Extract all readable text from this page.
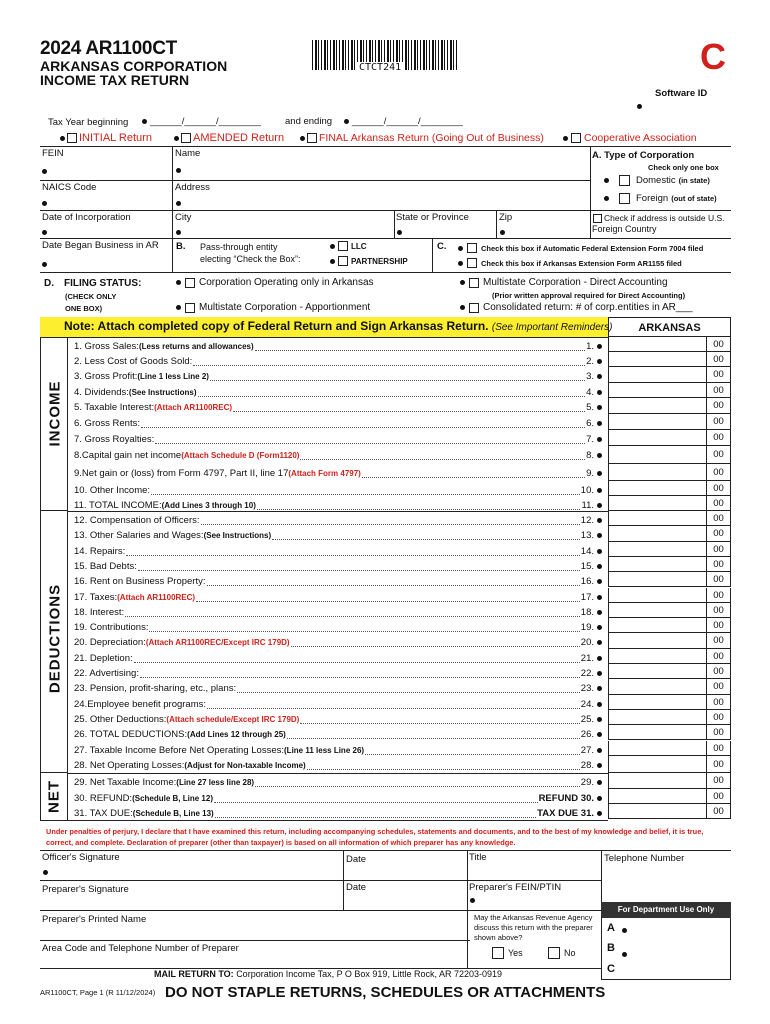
2024 AR1100CT
ARKANSAS CORPORATION
INCOME TAX RETURN
CTCT241	C
Software ID
Tax Year beginning ______/______/________	and ending ______/______/________
INITIAL Return	AMENDED Return	FINAL Arkansas Return (Going Out of Business)	Cooperative Association
FEIN	Name
NAICS Code	Address
Date of Incorporation	City	State or Province	Zip
Date Began Business in AR
A. Type of Corporation
Check only one box
Domestic (in state)
Foreign (out of state)
Check if address is outside U.S.
Foreign Country
B. Pass-through entity
electing “Check the Box”:
LLC
PARTNERSHIP
C.	Check this box if Automatic Federal Extension Form 7004 filed
Check this box if Arkansas Extension Form AR1155 filed
D. FILING STATUS:
(CHECK ONLY
ONE BOX)
Corporation Operating only in Arkansas
Multistate Corporation - Apportionment
Multistate Corporation - Direct Accounting
(Prior written approval required for Direct Accounting)
Consolidated return: # of corp.entities in AR___
Note: Attach completed copy of Federal Return and Sign Arkansas Return. (See Important Reminders)	ARKANSAS
INCOME
DEDUCTIONS
NET
1. Gross Sales: (Less returns and allowances)	1.	00
2. Less Cost of Goods Sold:	2.	00
3. Gross Profit: (Line 1 less Line 2)	3.	00
4. Dividends: (See Instructions)	4.	00
5. Taxable Interest: (Attach AR1100REC)	5.	00
6. Gross Rents:	6.	00
7. Gross Royalties:	7.	00
8.Capital gain net income (Attach Schedule D (Form1120)	8.	00
9.Net gain or (loss) from Form 4797, Part II, line 17 (Attach Form 4797)	9.	00
10. Other Income:	10.	00
11. TOTAL INCOME: (Add Lines 3 through 10)	11.	00
12. Compensation of Officers:	12.	00
13. Other Salaries and Wages: (See Instructions)	13.	00
14. Repairs:	14.	00
15. Bad Debts:	15.	00
16. Rent on Business Property:	16.	00
17. Taxes: (Attach AR1100REC)	17.	00
18. Interest:	18.	00
19. Contributions:	19.	00
20. Depreciation: (Attach AR1100REC/Except IRC 179D)	20.	00
21. Depletion:	21.	00
22. Advertising:	22.	00
23. Pension, profit-sharing, etc., plans:	23.	00
24.Employee benefit programs:	24.	00
25. Other Deductions: (Attach schedule/Except IRC 179D)	25.	00
26. TOTAL DEDUCTIONS: (Add Lines 12 through 25)	26.	00
27. Taxable Income Before Net Operating Losses: (Line 11 less Line 26)	27.	00
28. Net Operating Losses: (Adjust for Non-taxable Income)	28.	00
29. Net Taxable Income: (Line 27 less line 28)	29.	00
30. REFUND: (Schedule B, Line 12)	REFUND 30.	00
31. TAX DUE: (Schedule B, Line 13)	TAX DUE 31.	00
Under penalties of perjury, I declare that I have examined this return, including accompanying schedules, statements and documents, and to the best of my knowledge and belief, it is true, correct, and complete. Declaration of preparer (other than taxpayer) is based on all information of which preparer has any knowledge.
Officer's Signature	Date	Title	Telephone Number
Preparer's Signature	Date	Preparer's FEIN/PTIN
Preparer's Printed Name
Area Code and Telephone Number of Preparer
May the Arkansas Revenue Agency discuss this return with the preparer shown above?
Yes	No
For Department Use Only
A
B
C
MAIL RETURN TO: Corporation Income Tax, P O Box 919, Little Rock, AR 72203-0919
AR1100CT, Page 1 (R 11/12/2024) DO NOT STAPLE RETURNS, SCHEDULES OR ATTACHMENTS
